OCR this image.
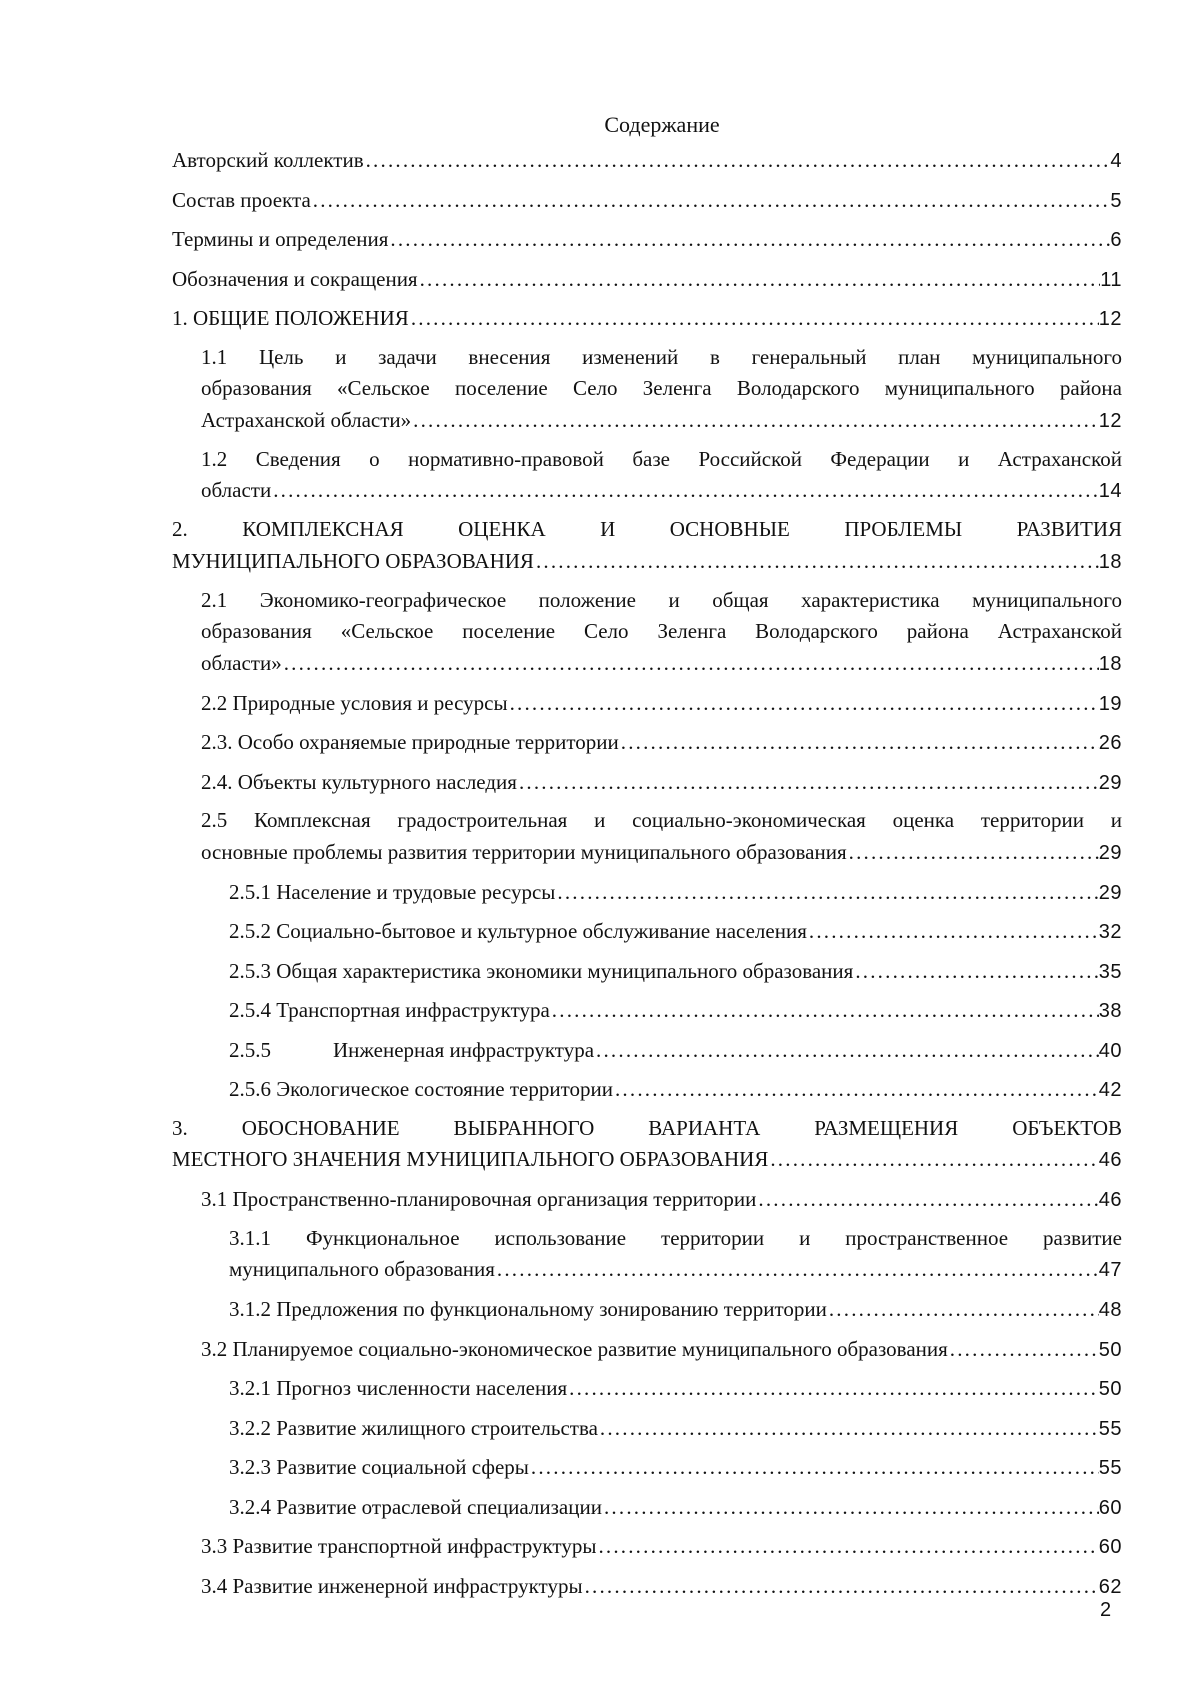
Содержание
Авторский коллектив .....	4
Состав проекта .....	5
Термины и определения .....	6
Обозначения и сокращения .....	11
1. ОБЩИЕ ПОЛОЖЕНИЯ .....	12
1.1 Цель и задачи внесения изменений в генеральный план муниципального
образования «Сельское поселение Село Зеленга Володарского муниципального района
Астраханской области» .....	12
1.2 Сведения о нормативно-правовой базе Российской Федерации и Астраханской
области .....	14
2. КОМПЛЕКСНАЯ ОЦЕНКА И ОСНОВНЫЕ ПРОБЛЕМЫ РАЗВИТИЯ
МУНИЦИПАЛЬНОГО ОБРАЗОВАНИЯ .....	18
2.1 Экономико-географическое положение и общая характеристика муниципального
образования «Сельское поселение Село Зеленга Володарского района Астраханской
области» .....	18
2.2 Природные условия и ресурсы .....	19
2.3. Особо охраняемые природные территории .....	26
2.4. Объекты культурного наследия .....	29
2.5 Комплексная градостроительная и социально-экономическая оценка территории и
основные проблемы развития территории муниципального образования .....	29
2.5.1 Население и трудовые ресурсы .....	29
2.5.2 Социально-бытовое и культурное обслуживание населения .....	32
2.5.3 Общая характеристика экономики муниципального образования .....	35
2.5.4 Транспортная инфраструктура .....	38
2.5.5	Инженерная инфраструктура .....	40
2.5.6 Экологическое состояние территории .....	42
3. ОБОСНОВАНИЕ ВЫБРАННОГО ВАРИАНТА РАЗМЕЩЕНИЯ ОБЪЕКТОВ
МЕСТНОГО ЗНАЧЕНИЯ МУНИЦИПАЛЬНОГО ОБРАЗОВАНИЯ .....	46
3.1 Пространственно-планировочная организация территории .....	46
3.1.1 Функциональное использование территории и пространственное развитие
муниципального образования .....	47
3.1.2 Предложения по функциональному зонированию территории .....	48
3.2 Планируемое социально-экономическое развитие муниципального образования .....	50
3.2.1 Прогноз численности населения .....	50
3.2.2 Развитие жилищного строительства .....	55
3.2.3 Развитие социальной сферы .....	55
3.2.4 Развитие отраслевой специализации .....	60
3.3 Развитие транспортной инфраструктуры .....	60
3.4 Развитие инженерной инфраструктуры .....	62
2
